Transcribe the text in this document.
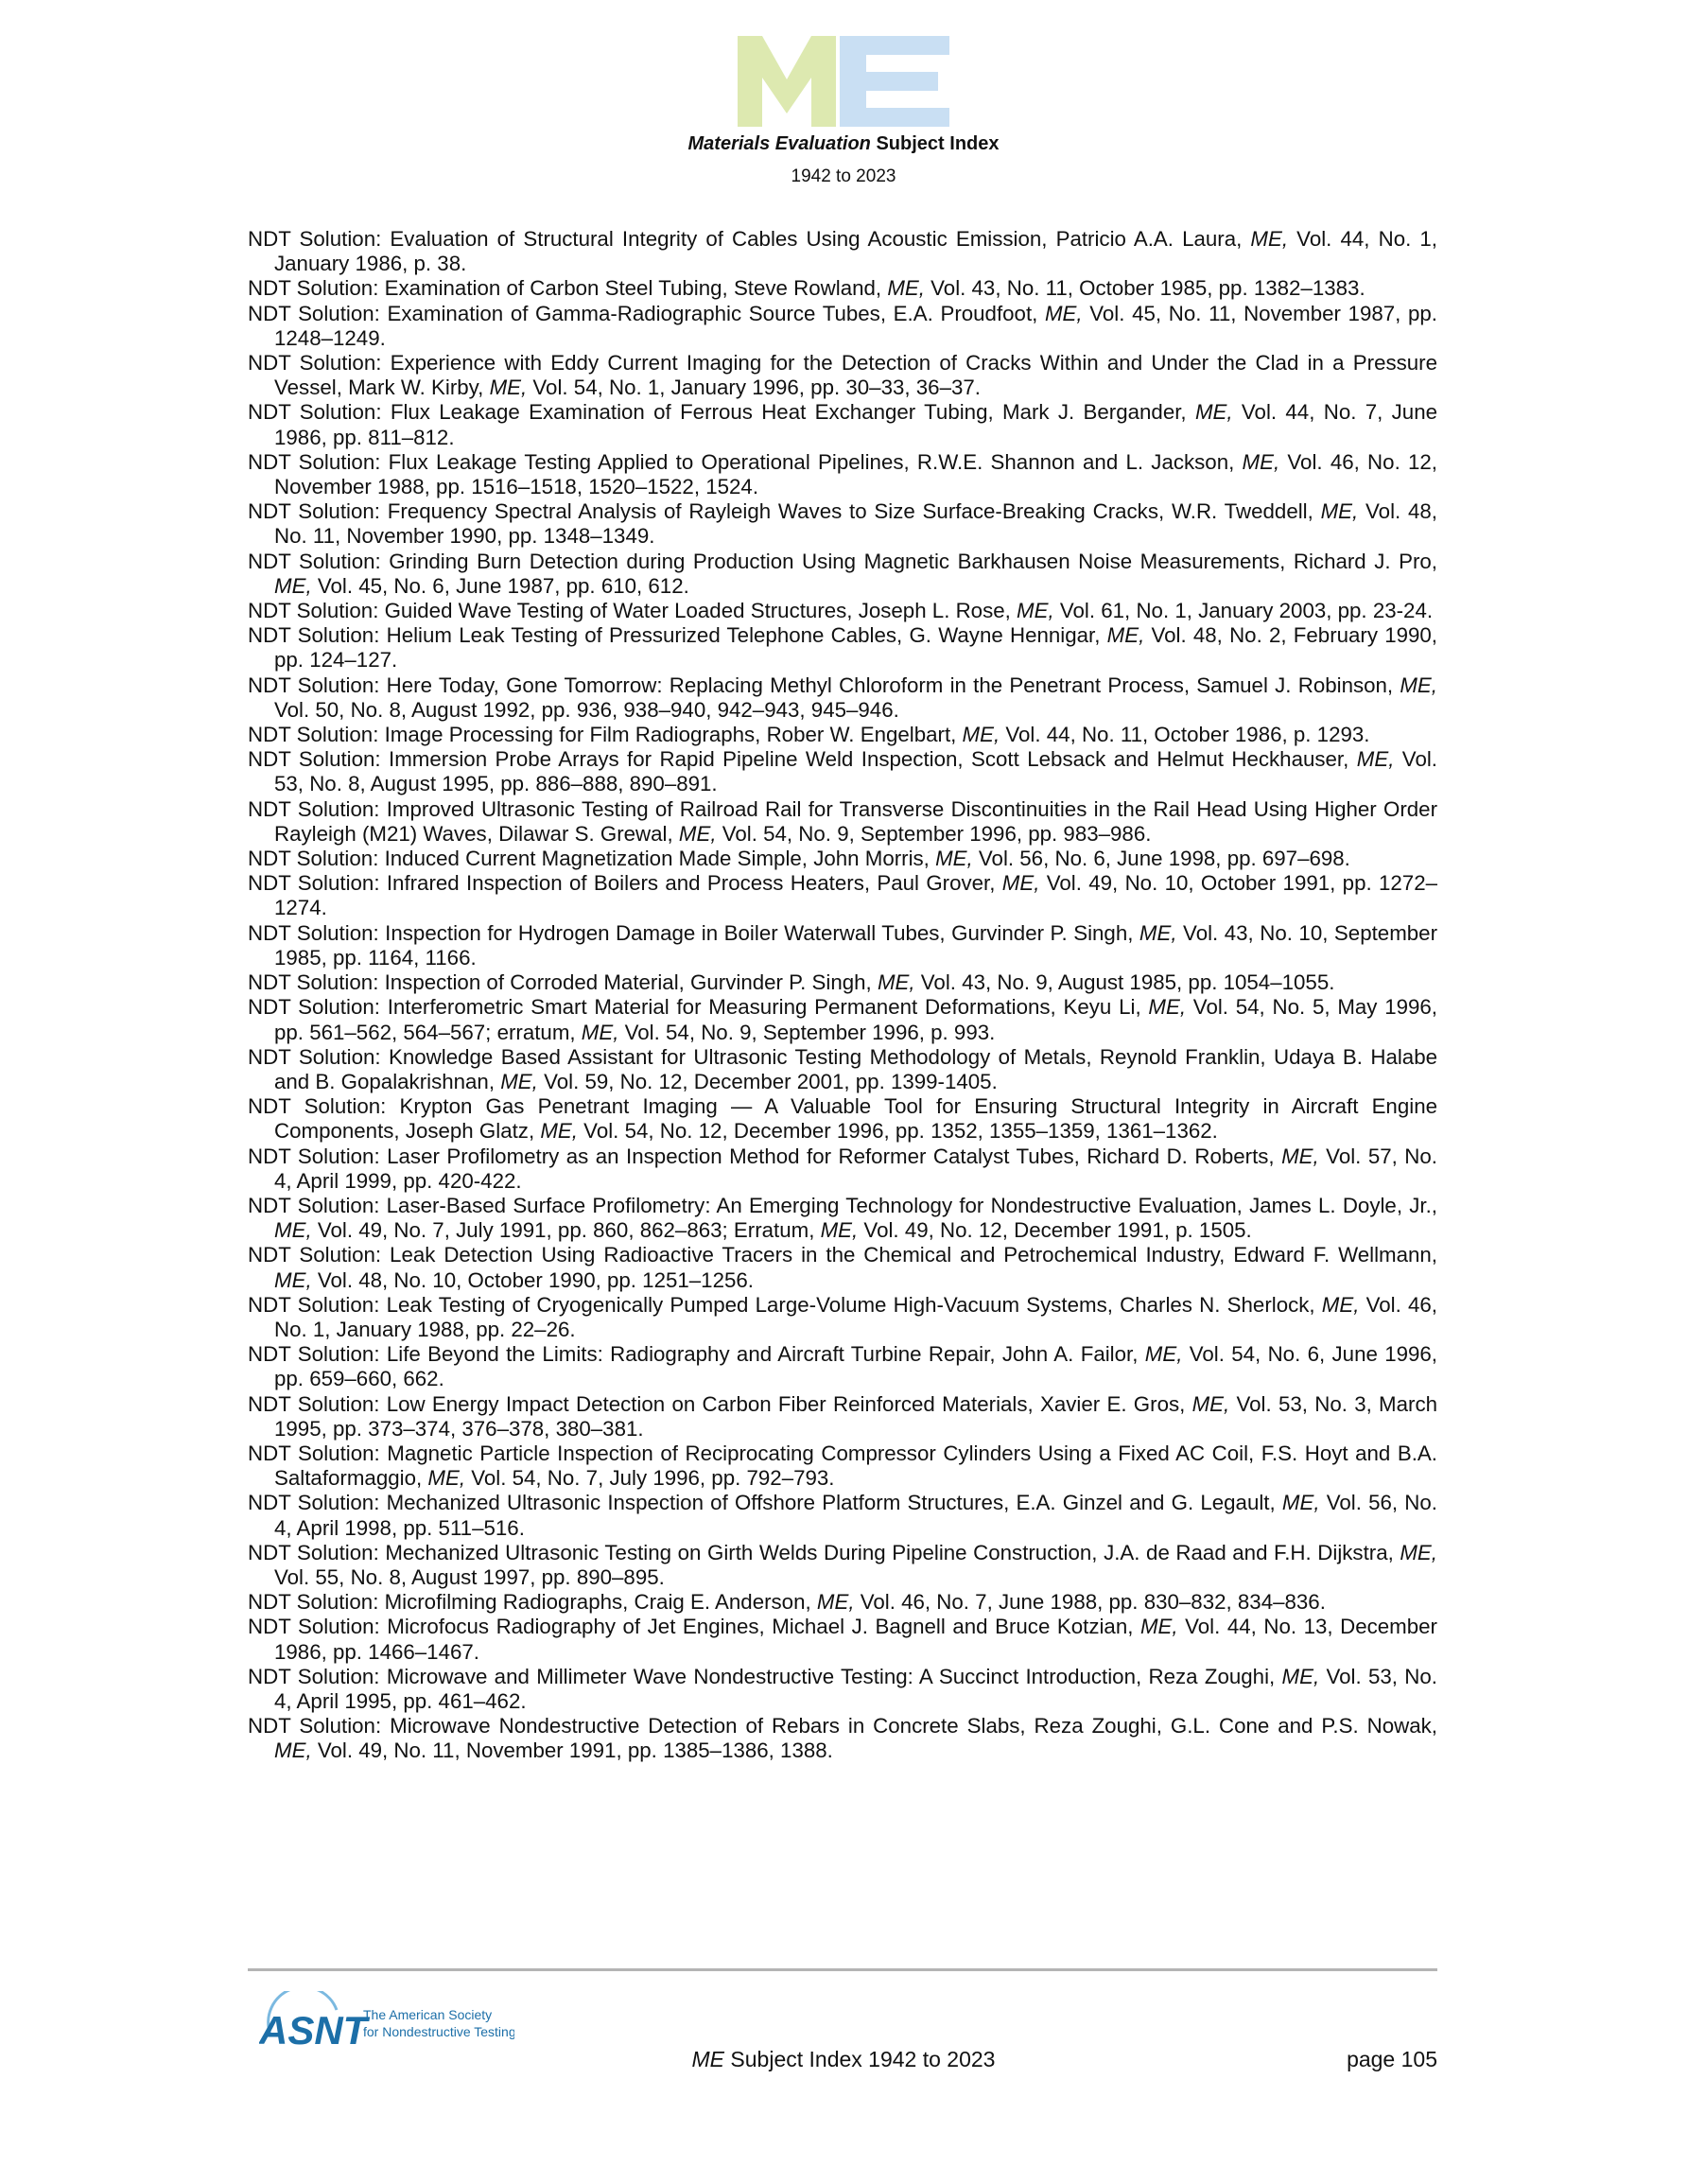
Materials Evaluation Subject Index
1942 to 2023
NDT Solution: Evaluation of Structural Integrity of Cables Using Acoustic Emission, Patricio A.A. Laura, ME, Vol. 44, No. 1, January 1986, p. 38.
NDT Solution: Examination of Carbon Steel Tubing, Steve Rowland, ME, Vol. 43, No. 11, October 1985, pp. 1382–1383.
NDT Solution: Examination of Gamma-Radiographic Source Tubes, E.A. Proudfoot, ME, Vol. 45, No. 11, November 1987, pp. 1248–1249.
NDT Solution: Experience with Eddy Current Imaging for the Detection of Cracks Within and Under the Clad in a Pressure Vessel, Mark W. Kirby, ME, Vol. 54, No. 1, January 1996, pp. 30–33, 36–37.
NDT Solution: Flux Leakage Examination of Ferrous Heat Exchanger Tubing, Mark J. Bergander, ME, Vol. 44, No. 7, June 1986, pp. 811–812.
NDT Solution: Flux Leakage Testing Applied to Operational Pipelines, R.W.E. Shannon and L. Jackson, ME, Vol. 46, No. 12, November 1988, pp. 1516–1518, 1520–1522, 1524.
NDT Solution: Frequency Spectral Analysis of Rayleigh Waves to Size Surface-Breaking Cracks, W.R. Tweddell, ME, Vol. 48, No. 11, November 1990, pp. 1348–1349.
NDT Solution: Grinding Burn Detection during Production Using Magnetic Barkhausen Noise Measurements, Richard J. Pro, ME, Vol. 45, No. 6, June 1987, pp. 610, 612.
NDT Solution: Guided Wave Testing of Water Loaded Structures, Joseph L. Rose, ME, Vol. 61, No. 1, January 2003, pp. 23-24.
NDT Solution: Helium Leak Testing of Pressurized Telephone Cables, G. Wayne Hennigar, ME, Vol. 48, No. 2, February 1990, pp. 124–127.
NDT Solution: Here Today, Gone Tomorrow: Replacing Methyl Chloroform in the Penetrant Process, Samuel J. Robinson, ME, Vol. 50, No. 8, August 1992, pp. 936, 938–940, 942–943, 945–946.
NDT Solution: Image Processing for Film Radiographs, Rober W. Engelbart, ME, Vol. 44, No. 11, October 1986, p. 1293.
NDT Solution: Immersion Probe Arrays for Rapid Pipeline Weld Inspection, Scott Lebsack and Helmut Heckhauser, ME, Vol. 53, No. 8, August 1995, pp. 886–888, 890–891.
NDT Solution: Improved Ultrasonic Testing of Railroad Rail for Transverse Discontinuities in the Rail Head Using Higher Order Rayleigh (M21) Waves, Dilawar S. Grewal, ME, Vol. 54, No. 9, September 1996, pp. 983–986.
NDT Solution: Induced Current Magnetization Made Simple, John Morris, ME, Vol. 56, No. 6, June 1998, pp. 697–698.
NDT Solution: Infrared Inspection of Boilers and Process Heaters, Paul Grover, ME, Vol. 49, No. 10, October 1991, pp. 1272–1274.
NDT Solution: Inspection for Hydrogen Damage in Boiler Waterwall Tubes, Gurvinder P. Singh, ME, Vol. 43, No. 10, September 1985, pp. 1164, 1166.
NDT Solution: Inspection of Corroded Material, Gurvinder P. Singh, ME, Vol. 43, No. 9, August 1985, pp. 1054–1055.
NDT Solution: Interferometric Smart Material for Measuring Permanent Deformations, Keyu Li, ME, Vol. 54, No. 5, May 1996, pp. 561–562, 564–567; erratum, ME, Vol. 54, No. 9, September 1996, p. 993.
NDT Solution: Knowledge Based Assistant for Ultrasonic Testing Methodology of Metals, Reynold Franklin, Udaya B. Halabe and B. Gopalakrishnan, ME, Vol. 59, No. 12, December 2001, pp. 1399-1405.
NDT Solution: Krypton Gas Penetrant Imaging — A Valuable Tool for Ensuring Structural Integrity in Aircraft Engine Components, Joseph Glatz, ME, Vol. 54, No. 12, December 1996, pp. 1352, 1355–1359, 1361–1362.
NDT Solution: Laser Profilometry as an Inspection Method for Reformer Catalyst Tubes, Richard D. Roberts, ME, Vol. 57, No. 4, April 1999, pp. 420-422.
NDT Solution: Laser-Based Surface Profilometry: An Emerging Technology for Nondestructive Evaluation, James L. Doyle, Jr., ME, Vol. 49, No. 7, July 1991, pp. 860, 862–863; Erratum, ME, Vol. 49, No. 12, December 1991, p. 1505.
NDT Solution: Leak Detection Using Radioactive Tracers in the Chemical and Petrochemical Industry, Edward F. Wellmann, ME, Vol. 48, No. 10, October 1990, pp. 1251–1256.
NDT Solution: Leak Testing of Cryogenically Pumped Large-Volume High-Vacuum Systems, Charles N. Sherlock, ME, Vol. 46, No. 1, January 1988, pp. 22–26.
NDT Solution: Life Beyond the Limits: Radiography and Aircraft Turbine Repair, John A. Failor, ME, Vol. 54, No. 6, June 1996, pp. 659–660, 662.
NDT Solution: Low Energy Impact Detection on Carbon Fiber Reinforced Materials, Xavier E. Gros, ME, Vol. 53, No. 3, March 1995, pp. 373–374, 376–378, 380–381.
NDT Solution: Magnetic Particle Inspection of Reciprocating Compressor Cylinders Using a Fixed AC Coil, F.S. Hoyt and B.A. Saltaformaggio, ME, Vol. 54, No. 7, July 1996, pp. 792–793.
NDT Solution: Mechanized Ultrasonic Inspection of Offshore Platform Structures, E.A. Ginzel and G. Legault, ME, Vol. 56, No. 4, April 1998, pp. 511–516.
NDT Solution: Mechanized Ultrasonic Testing on Girth Welds During Pipeline Construction, J.A. de Raad and F.H. Dijkstra, ME, Vol. 55, No. 8, August 1997, pp. 890–895.
NDT Solution: Microfilming Radiographs, Craig E. Anderson, ME, Vol. 46, No. 7, June 1988, pp. 830–832, 834–836.
NDT Solution: Microfocus Radiography of Jet Engines, Michael J. Bagnell and Bruce Kotzian, ME, Vol. 44, No. 13, December 1986, pp. 1466–1467.
NDT Solution: Microwave and Millimeter Wave Nondestructive Testing: A Succinct Introduction, Reza Zoughi, ME, Vol. 53, No. 4, April 1995, pp. 461–462.
NDT Solution: Microwave Nondestructive Detection of Rebars in Concrete Slabs, Reza Zoughi, G.L. Cone and P.S. Nowak, ME, Vol. 49, No. 11, November 1991, pp. 1385–1386, 1388.
ASNT
The American Society
for Nondestructive Testing
ME Subject Index 1942 to 2023	page 105
